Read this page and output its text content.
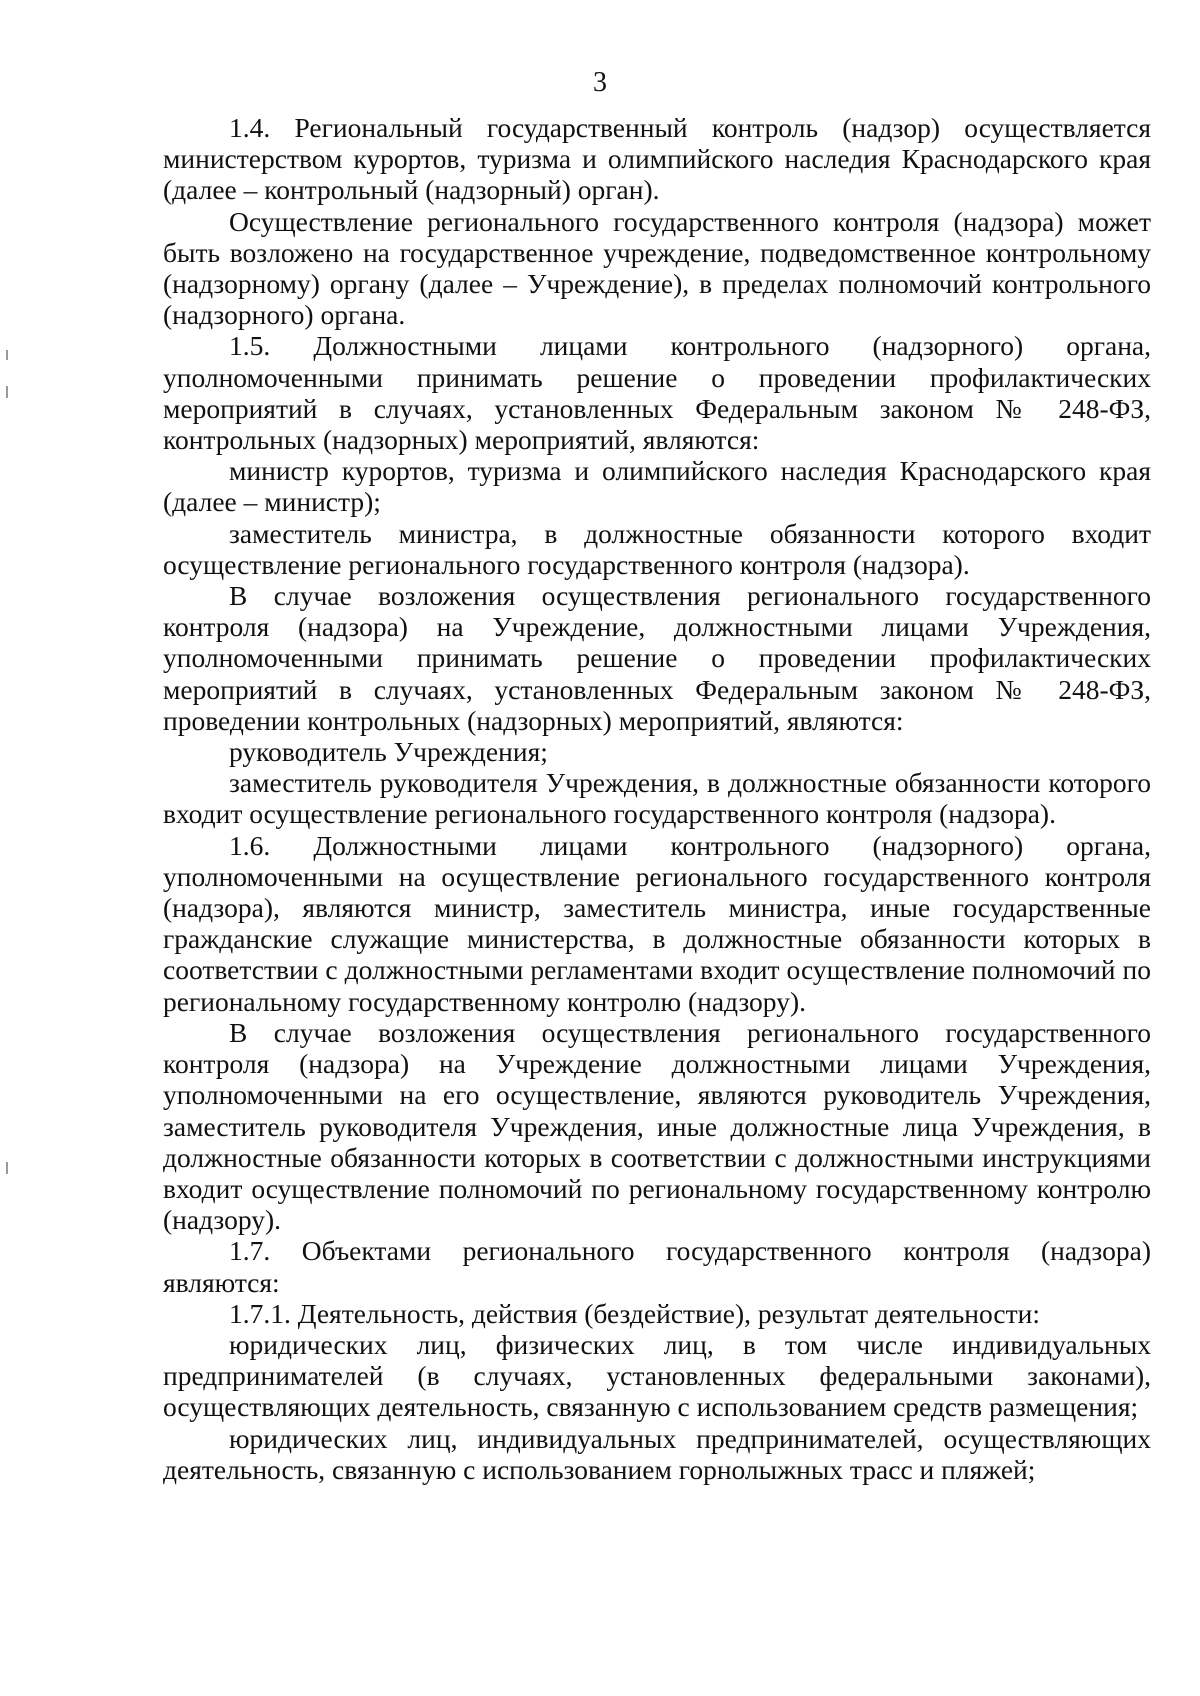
3

1.4. Региональный государственный контроль (надзор) осуществляется министерством курортов, туризма и олимпийского наследия Краснодарского края (далее – контрольный (надзорный) орган).

Осуществление регионального государственного контроля (надзора) может быть возложено на государственное учреждение, подведомственное контрольному (надзорному) органу (далее – Учреждение), в пределах полномочий контрольного (надзорного) органа.

1.5. Должностными лицами контрольного (надзорного) органа, уполномоченными принимать решение о проведении профилактических мероприятий в случаях, установленных Федеральным законом № 248-ФЗ, контрольных (надзорных) мероприятий, являются:

министр курортов, туризма и олимпийского наследия Краснодарского края (далее – министр);

заместитель министра, в должностные обязанности которого входит осуществление регионального государственного контроля (надзора).

В случае возложения осуществления регионального государственного контроля (надзора) на Учреждение, должностными лицами Учреждения, уполномоченными принимать решение о проведении профилактических мероприятий в случаях, установленных Федеральным законом № 248-ФЗ, проведении контрольных (надзорных) мероприятий, являются:

руководитель Учреждения;

заместитель руководителя Учреждения, в должностные обязанности которого входит осуществление регионального государственного контроля (надзора).

1.6. Должностными лицами контрольного (надзорного) органа, уполномоченными на осуществление регионального государственного контроля (надзора), являются министр, заместитель министра, иные государственные гражданские служащие министерства, в должностные обязанности которых в соответствии с должностными регламентами входит осуществление полномочий по региональному государственному контролю (надзору).

В случае возложения осуществления регионального государственного контроля (надзора) на Учреждение должностными лицами Учреждения, уполномоченными на его осуществление, являются руководитель Учреждения, заместитель руководителя Учреждения, иные должностные лица Учреждения, в должностные обязанности которых в соответствии с должностными инструкциями входит осуществление полномочий по региональному государственному контролю (надзору).

1.7. Объектами регионального государственного контроля (надзора) являются:

1.7.1. Деятельность, действия (бездействие), результат деятельности:

юридических лиц, физических лиц, в том числе индивидуальных предпринимателей (в случаях, установленных федеральными законами), осуществляющих деятельность, связанную с использованием средств размещения;

юридических лиц, индивидуальных предпринимателей, осуществляющих деятельность, связанную с использованием горнолыжных трасс и пляжей;
